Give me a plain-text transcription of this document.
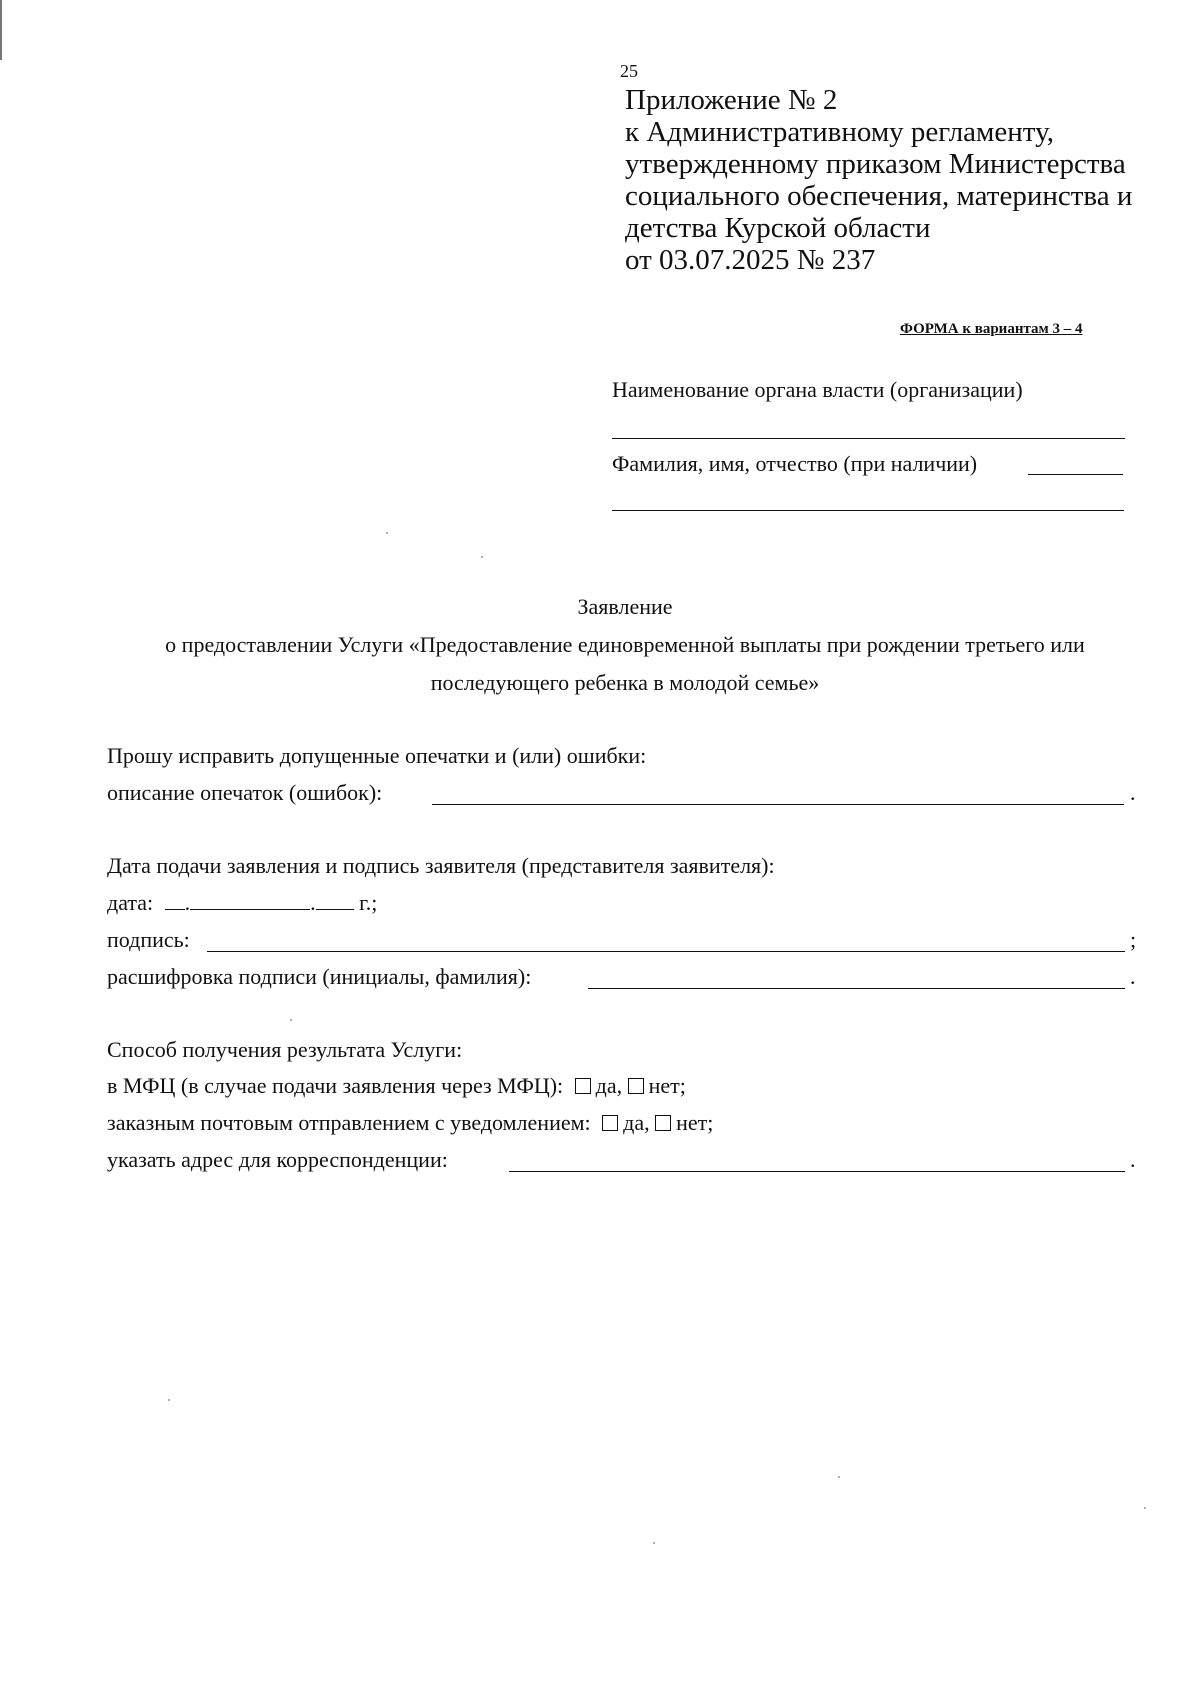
25
Приложение № 2
к Административному регламенту,
утвержденному приказом Министерства
социального обеспечения, материнства и
детства Курской области
от 03.07.2025 № 237
ФОРМА к вариантам 3 – 4
Наименование органа власти (организации)
Фамилия, имя, отчество (при наличии)
Заявление
о предоставлении Услуги «Предоставление единовременной выплаты при рождении третьего или
последующего ребенка в молодой семье»
Прошу исправить допущенные опечатки и (или) ошибки:
описание опечаток (ошибок):	.
Дата подачи заявления и подпись заявителя (представителя заявителя):
дата: .	. г.;
подпись:	;
расшифровка подписи (инициалы, фамилия):	.
Способ получения результата Услуги:
в МФЦ (в случае подачи заявления через МФЦ): да, нет;
заказным почтовым отправлением с уведомлением: да, нет;
указать адрес для корреспонденции:	.
